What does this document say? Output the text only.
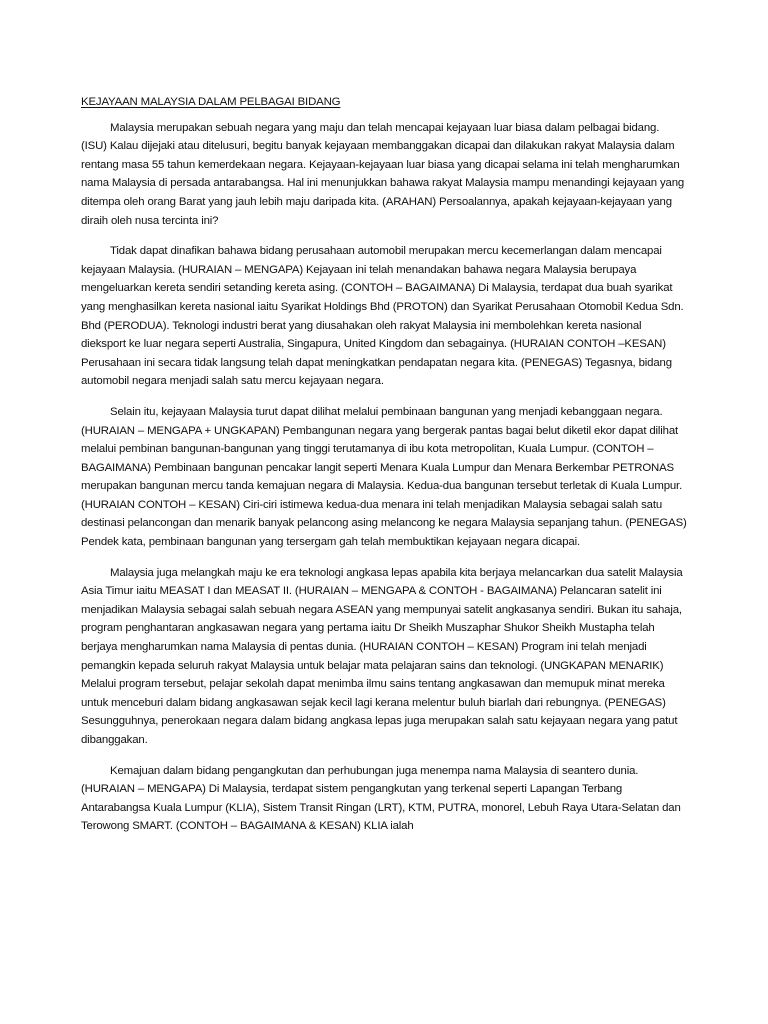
KEJAYAAN MALAYSIA DALAM PELBAGAI BIDANG

Malaysia merupakan sebuah negara yang maju dan telah mencapai kejayaan luar biasa dalam pelbagai bidang. (ISU) Kalau dijejaki atau ditelusuri, begitu banyak kejayaan membanggakan dicapai dan dilakukan rakyat Malaysia dalam rentang masa 55 tahun kemerdekaan negara. Kejayaan-kejayaan luar biasa yang dicapai selama ini telah mengharumkan nama Malaysia di persada antarabangsa. Hal ini menunjukkan bahawa rakyat Malaysia mampu menandingi kejayaan yang ditempa oleh orang Barat yang jauh lebih maju daripada kita. (ARAHAN) Persoalannya, apakah kejayaan-kejayaan yang diraih oleh nusa tercinta ini?

Tidak dapat dinafikan bahawa bidang perusahaan automobil merupakan mercu kecemerlangan dalam mencapai kejayaan Malaysia. (HURAIAN – MENGAPA) Kejayaan ini telah menandakan bahawa negara Malaysia berupaya mengeluarkan kereta sendiri setanding kereta asing. (CONTOH – BAGAIMANA) Di Malaysia, terdapat dua buah syarikat yang menghasilkan kereta nasional iaitu Syarikat Holdings Bhd (PROTON) dan Syarikat Perusahaan Otomobil Kedua Sdn. Bhd (PERODUA). Teknologi industri berat yang diusahakan oleh rakyat Malaysia ini membolehkan kereta nasional dieksport ke luar negara seperti Australia, Singapura, United Kingdom dan sebagainya. (HURAIAN CONTOH –KESAN) Perusahaan ini secara tidak langsung telah dapat meningkatkan pendapatan negara kita. (PENEGAS) Tegasnya, bidang automobil negara menjadi salah satu mercu kejayaan negara.

Selain itu, kejayaan Malaysia turut dapat dilihat melalui pembinaan bangunan yang menjadi kebanggaan negara. (HURAIAN – MENGAPA + UNGKAPAN) Pembangunan negara yang bergerak pantas bagai belut diketil ekor dapat dilihat melalui pembinan bangunan-bangunan yang tinggi terutamanya di ibu kota metropolitan, Kuala Lumpur. (CONTOH – BAGAIMANA) Pembinaan bangunan pencakar langit seperti Menara Kuala Lumpur dan Menara Berkembar PETRONAS merupakan bangunan mercu tanda kemajuan negara di Malaysia. Kedua-dua bangunan tersebut terletak di Kuala Lumpur. (HURAIAN CONTOH – KESAN) Ciri-ciri istimewa kedua-dua menara ini telah menjadikan Malaysia sebagai salah satu destinasi pelancongan dan menarik banyak pelancong asing melancong ke negara Malaysia sepanjang tahun. (PENEGAS) Pendek kata, pembinaan bangunan yang tersergam gah telah membuktikan kejayaan negara dicapai.

Malaysia juga melangkah maju ke era teknologi angkasa lepas apabila kita berjaya melancarkan dua satelit Malaysia Asia Timur iaitu MEASAT I dan MEASAT II. (HURAIAN – MENGAPA & CONTOH - BAGAIMANA) Pelancaran satelit ini menjadikan Malaysia sebagai salah sebuah negara ASEAN yang mempunyai satelit angkasanya sendiri. Bukan itu sahaja, program penghantaran angkasawan negara yang pertama iaitu Dr Sheikh Muszaphar Shukor Sheikh Mustapha telah berjaya mengharumkan nama Malaysia di pentas dunia. (HURAIAN CONTOH – KESAN) Program ini telah menjadi pemangkin kepada seluruh rakyat Malaysia untuk belajar mata pelajaran sains dan teknologi. (UNGKAPAN MENARIK) Melalui program tersebut, pelajar sekolah dapat menimba ilmu sains tentang angkasawan dan memupuk minat mereka untuk menceburi dalam bidang angkasawan sejak kecil lagi kerana melentur buluh biarlah dari rebungnya. (PENEGAS) Sesungguhnya, penerokaan negara dalam bidang angkasa lepas juga merupakan salah satu kejayaan negara yang patut dibanggakan.

Kemajuan dalam bidang pengangkutan dan perhubungan juga menempa nama Malaysia di seantero dunia. (HURAIAN – MENGAPA) Di Malaysia, terdapat sistem pengangkutan yang terkenal seperti Lapangan Terbang Antarabangsa Kuala Lumpur (KLIA), Sistem Transit Ringan (LRT), KTM, PUTRA, monorel, Lebuh Raya Utara-Selatan dan Terowong SMART. (CONTOH – BAGAIMANA & KESAN) KLIA ialah
